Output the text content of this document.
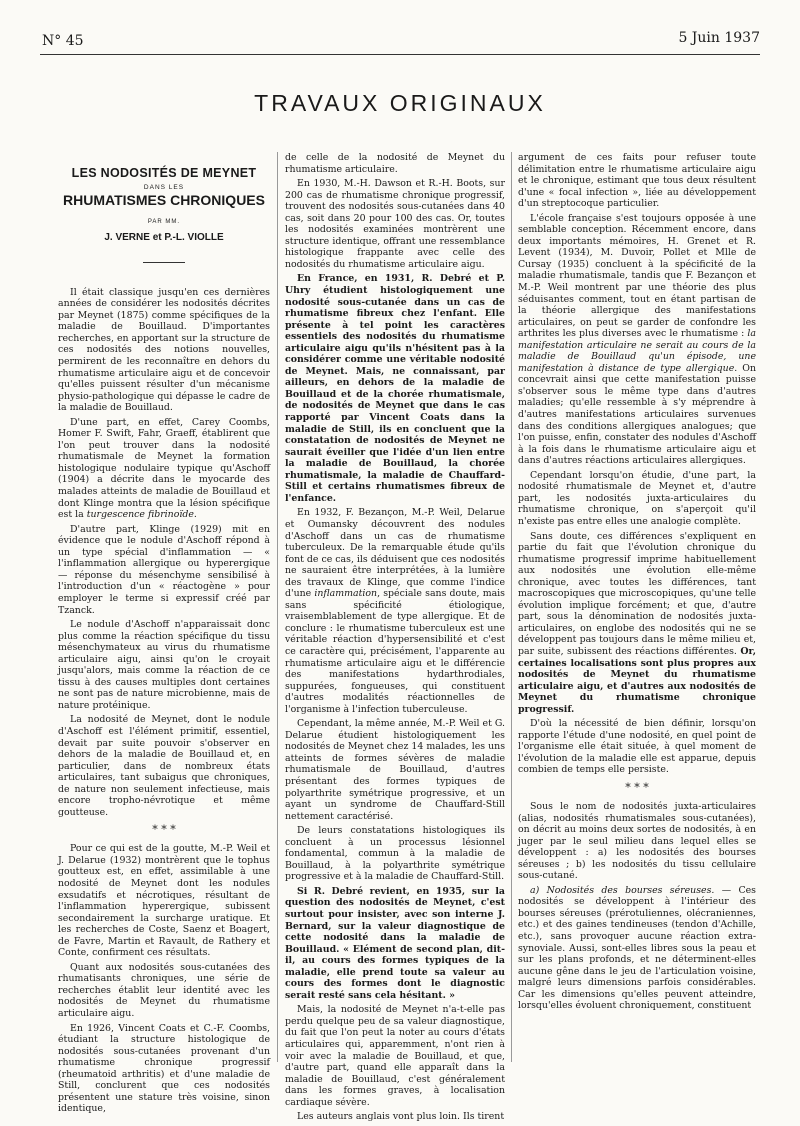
N° 45	5 Juin 1937
TRAVAUX ORIGINAUX
LES NODOSITÉS DE MEYNET
DANS LES
RHUMATISMES CHRONIQUES
PAR MM.
J. VERNE et P.-L. VIOLLE

Il était classique jusqu'en ces dernières années de considérer les nodosités décrites par Meynet (1875) comme spécifiques de la maladie de Bouillaud. D'importantes recherches, en apportant sur la structure de ces nodosités des notions nouvelles, permirent de les reconnaître en dehors du rhumatisme articulaire aigu et de concevoir qu'elles puissent résulter d'un mécanisme physio-pathologique qui dépasse le cadre de la maladie de Bouillaud.

D'une part, en effet, Carey Coombs, Homer F. Swift, Fahr, Graeff, établirent que l'on peut trouver dans la nodosité rhumatismale de Meynet la formation histologique nodulaire typique qu'Aschoff (1904) a décrite dans le myocarde des malades atteints de maladie de Bouillaud et dont Klinge montra que la lésion spécifique est la turgescence fibrinoïde.

D'autre part, Klinge (1929) mit en évidence que le nodule d'Aschoff répond à un type spécial d'inflammation — « l'inflammation allergique ou hyperergique — réponse du mésenchyme sensibilisé à l'introduction d'un « réactogène » pour employer le terme si expressif créé par Tzanck.

Le nodule d'Aschoff n'apparaissait donc plus comme la réaction spécifique du tissu mésenchymateux au virus du rhumatisme articulaire aigu, ainsi qu'on le croyait jusqu'alors, mais comme la réaction de ce tissu à des causes multiples dont certaines ne sont pas de nature microbienne, mais de nature protéinique.

La nodosité de Meynet, dont le nodule d'Aschoff est l'élément primitif, essentiel, devait par suite pouvoir s'observer en dehors de la maladie de Bouillaud et, en particulier, dans de nombreux états articulaires, tant subaigus que chroniques, de nature non seulement infectieuse, mais encore tropho-névrotique et même goutteuse.

* * *

Pour ce qui est de la goutte, M.-P. Weil et J. Delarue (1932) montrèrent que le tophus goutteux est, en effet, assimilable à une nodosité de Meynet dont les nodules exsudatifs et nécrotiques, résultant de l'inflammation hyperergique, subissent secondairement la surcharge uratique. Et les recherches de Coste, Saenz et Boagert, de Favre, Martin et Ravault, de Rathery et Conte, confirment ces résultats.

Quant aux nodosités sous-cutanées des rhumatisants chroniques, une série de recherches établit leur identité avec les nodosités de Meynet du rhumatisme articulaire aigu.

En 1926, Vincent Coats et C.-F. Coombs, étudiant la structure histologique de nodosités sous-cutanées provenant d'un rhumatisme chronique progressif (rheumatoid arthritis) et d'une maladie de Still, conclurent que ces nodosités présentent une stature très voisine, sinon identique,

de celle de la nodosité de Meynet du rhumatisme articulaire.

En 1930, M.-H. Dawson et R.-H. Boots, sur 200 cas de rhumatisme chronique progressif, trouvent des nodosités sous-cutanées dans 40 cas, soit dans 20 pour 100 des cas. Or, toutes les nodosités examinées montrèrent une structure identique, offrant une ressemblance histologique frappante avec celle des nodosités du rhumatisme articulaire aigu.

En France, en 1931, R. Debré et P. Uhry étudient histologiquement une nodosité sous-cutanée dans un cas de rhumatisme fibreux chez l'enfant. Elle présente à tel point les caractères essentiels des nodosités du rhumatisme articulaire aigu qu'ils n'hésitent pas à la considérer comme une véritable nodosité de Meynet. Mais, ne connaissant, par ailleurs, en dehors de la maladie de Bouillaud et de la chorée rhumatismale, de nodosités de Meynet que dans le cas rapporté par Vincent Coats dans la maladie de Still, ils en concluent que la constatation de nodosités de Meynet ne saurait éveiller que l'idée d'un lien entre la maladie de Bouillaud, la chorée rhumatismale, la maladie de Chauffard-Still et certains rhumatismes fibreux de l'enfance.

En 1932, F. Bezançon, M.-P. Weil, Delarue et Oumansky découvrent des nodules d'Aschoff dans un cas de rhumatisme tuberculeux. De la remarquable étude qu'ils font de ce cas, ils déduisent que ces nodosités ne sauraient être interprétées, à la lumière des travaux de Klinge, que comme l'indice d'une inflammation, spéciale sans doute, mais sans spécificité étiologique, vraisemblablement de type allergique. Et de conclure : le rhumatisme tuberculeux est une véritable réaction d'hypersensibilité et c'est ce caractère qui, précisément, l'apparente au rhumatisme articulaire aigu et le différencie des manifestations hydarthrodiales, suppurées, fongueuses, qui constituent d'autres modalités réactionnelles de l'organisme à l'infection tuberculeuse.

Cependant, la même année, M.-P. Weil et G. Delarue étudient histologiquement les nodosités de Meynet chez 14 malades, les uns atteints de formes sévères de maladie rhumatismale de Bouillaud, d'autres présentant des formes typiques de polyarthrite symétrique progressive, et un ayant un syndrome de Chauffard-Still nettement caractérisé.

De leurs constatations histologiques ils concluent à un processus lésionnel fondamental, commun à la maladie de Bouillaud, à la polyarthrite symétrique progressive et à la maladie de Chauffard-Still.

Si R. Debré revient, en 1935, sur la question des nodosités de Meynet, c'est surtout pour insister, avec son interne J. Bernard, sur la valeur diagnostique de cette nodosité dans la maladie de Bouillaud. « Elément de second plan, dit-il, au cours des formes typiques de la maladie, elle prend toute sa valeur au cours des formes dont le diagnostic serait resté sans cela hésitant. »

Mais, la nodosité de Meynet n'a-t-elle pas perdu quelque peu de sa valeur diagnostique, du fait que l'on peut la noter au cours d'états articulaires qui, apparemment, n'ont rien à voir avec la maladie de Bouillaud, et que, d'autre part, quand elle apparaît dans la maladie de Bouillaud, c'est généralement dans les formes graves, à localisation cardiaque sévère.

Les auteurs anglais vont plus loin. Ils tirent

argument de ces faits pour refuser toute délimitation entre le rhumatisme articulaire aigu et le chronique, estimant que tous deux résultent d'une « focal infection », liée au développement d'un streptocoque particulier.

L'école française s'est toujours opposée à une semblable conception. Récemment encore, dans deux importants mémoires, H. Grenet et R. Levent (1934), M. Duvoir, Pollet et Mlle de Cursay (1935) concluent à la spécificité de la maladie rhumatismale, tandis que F. Bezançon et M.-P. Weil montrent par une théorie des plus séduisantes comment, tout en étant partisan de la théorie allergique des manifestations articulaires, on peut se garder de confondre les arthrites les plus diverses avec le rhumatisme : la manifestation articulaire ne serait au cours de la maladie de Bouillaud qu'un épisode, une manifestation à distance de type allergique. On concevrait ainsi que cette manifestation puisse s'observer sous le même type dans d'autres maladies; qu'elle ressemble à s'y méprendre à d'autres manifestations articulaires survenues dans des conditions allergiques analogues; que l'on puisse, enfin, constater des nodules d'Aschoff à la fois dans le rhumatisme articulaire aigu et dans d'autres réactions articulaires allergiques.

Cependant lorsqu'on étudie, d'une part, la nodosité rhumatismale de Meynet et, d'autre part, les nodosités juxta-articulaires du rhumatisme chronique, on s'aperçoit qu'il n'existe pas entre elles une analogie complète.

Sans doute, ces différences s'expliquent en partie du fait que l'évolution chronique du rhumatisme progressif imprime habituellement aux nodosités une évolution elle-même chronique, avec toutes les différences, tant macroscopiques que microscopiques, qu'une telle évolution implique forcément; et que, d'autre part, sous la dénomination de nodosités juxta-articulaires, on englobe des nodosités qui ne se développent pas toujours dans le même milieu et, par suite, subissent des réactions différentes. Or, certaines localisations sont plus propres aux nodosités de Meynet du rhumatisme articulaire aigu, et d'autres aux nodosités de Meynet du rhumatisme chronique progressif.

D'où la nécessité de bien définir, lorsqu'on rapporte l'étude d'une nodosité, en quel point de l'organisme elle était située, à quel moment de l'évolution de la maladie elle est apparue, depuis combien de temps elle persiste.

* * *

Sous le nom de nodosités juxta-articulaires (alias, nodosités rhumatismales sous-cutanées), on décrit au moins deux sortes de nodosités, à en juger par le seul milieu dans lequel elles se développent : a) les nodosités des bourses séreuses ; b) les nodosités du tissu cellulaire sous-cutané.

a) Nodosités des bourses séreuses. — Ces nodosités se développent à l'intérieur des bourses séreuses (prérotuliennes, olécraniennes, etc.) et des gaines tendineuses (tendon d'Achille, etc.), sans provoquer aucune réaction extra-synoviale. Aussi, sont-elles libres sous la peau et sur les plans profonds, et ne déterminent-elles aucune gêne dans le jeu de l'articulation voisine, malgré leurs dimensions parfois considérables. Car les dimensions qu'elles peuvent atteindre, lorsqu'elles évoluent chroniquement, constituent
